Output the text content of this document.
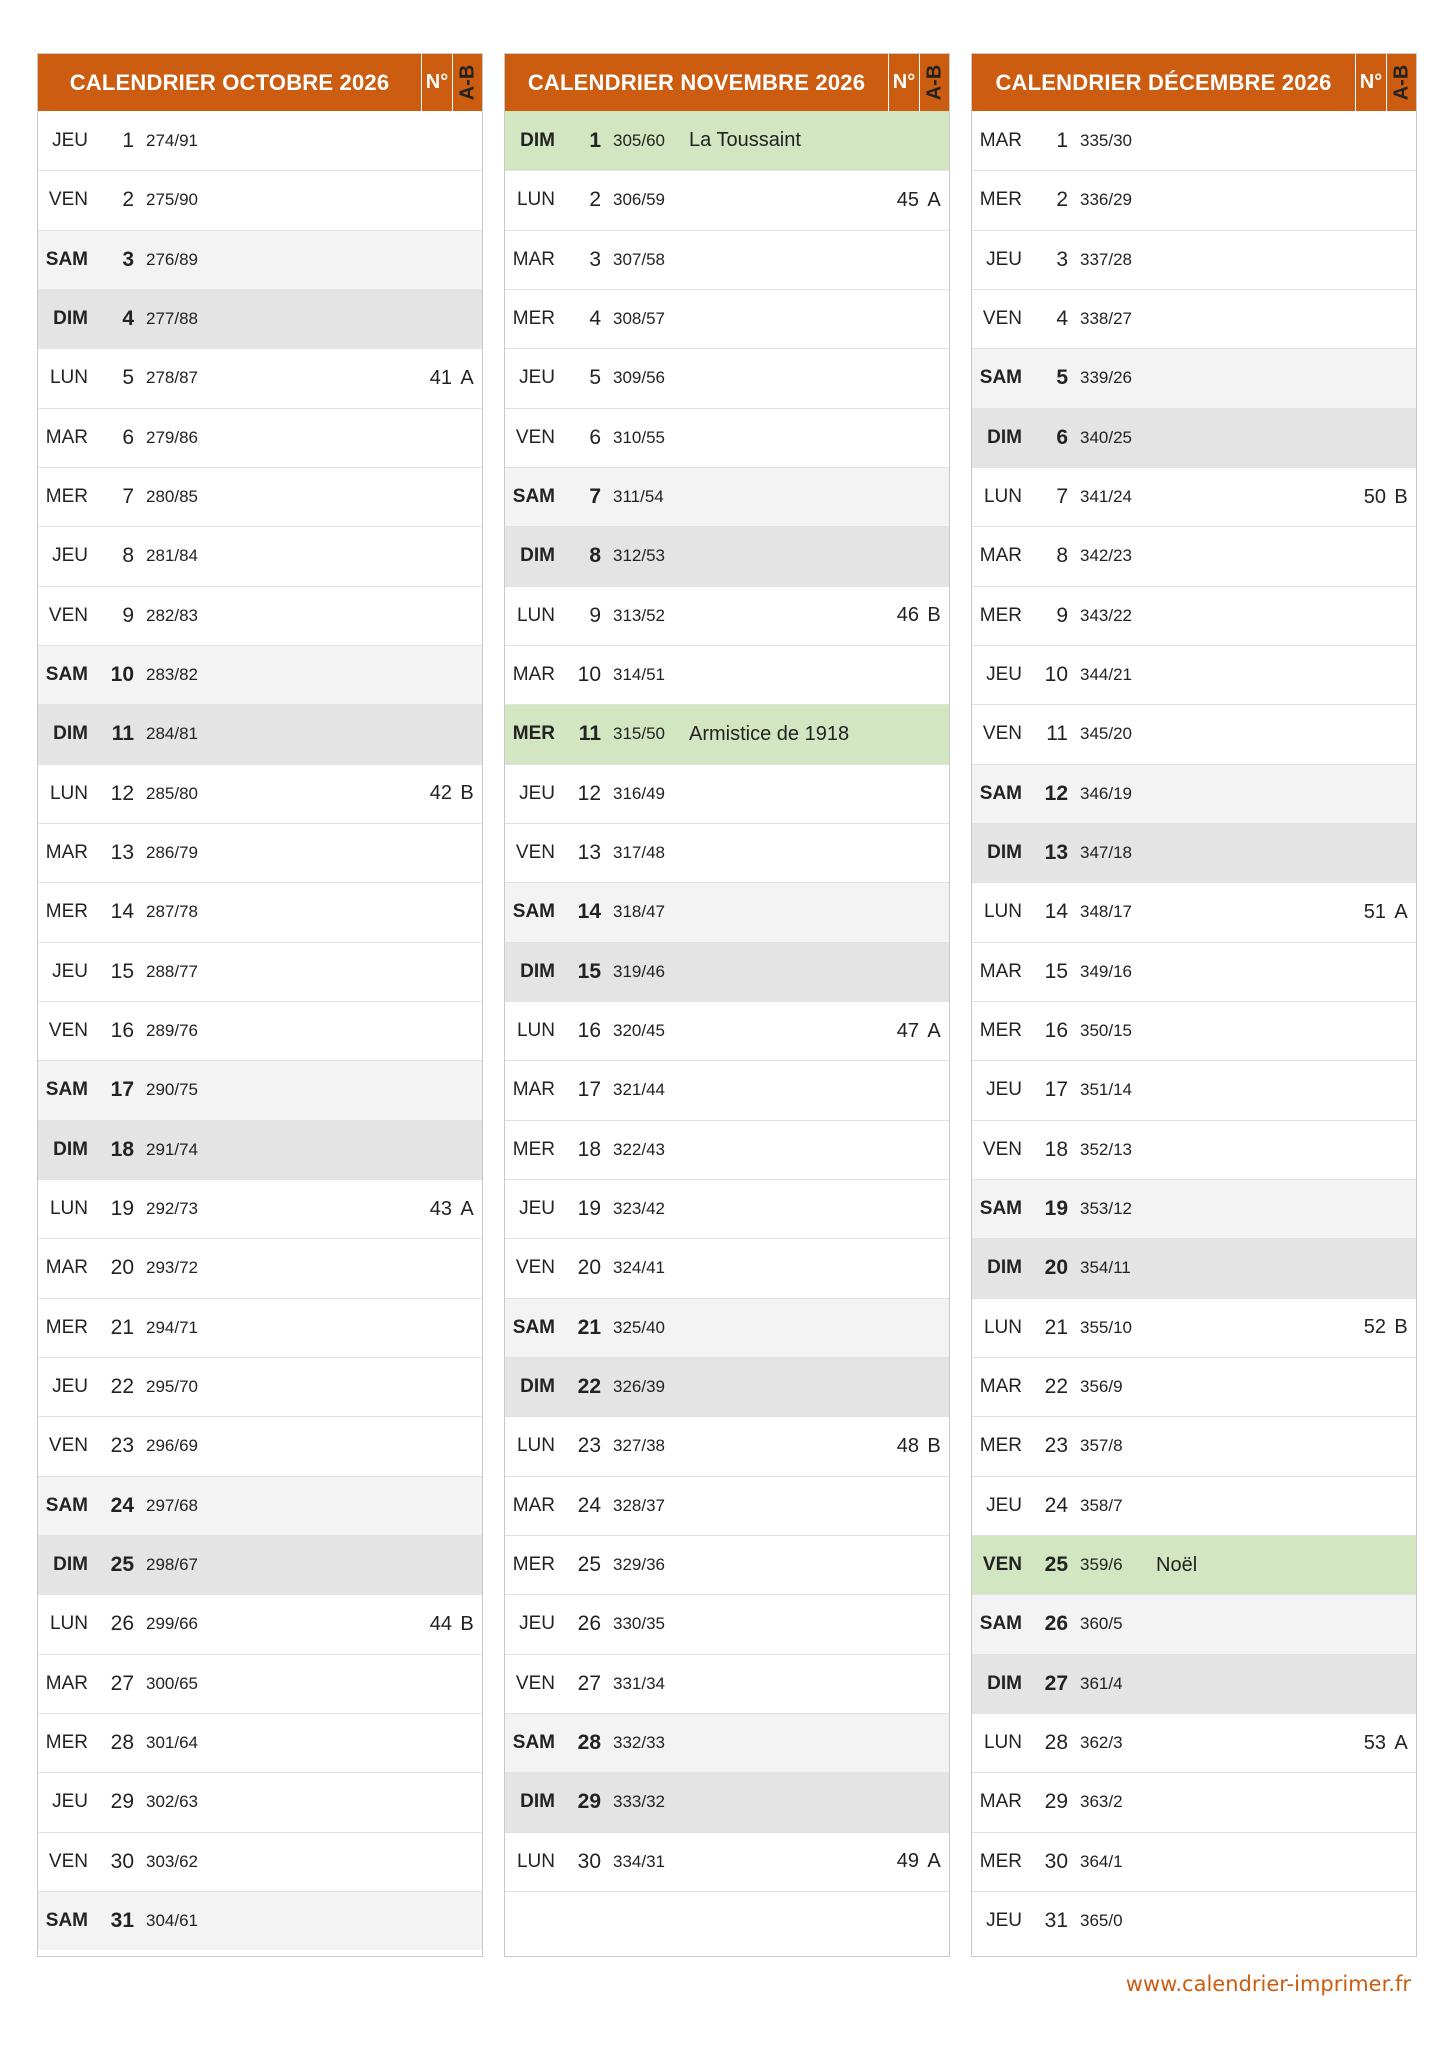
CALENDRIER OCTOBRE 2026	N° A-B
JEU	1 274/91
VEN	2 275/90
SAM	3 276/89
DIM	4 277/88
LUN	5 278/87	41 A
MAR	6 279/86
MER	7 280/85
JEU	8 281/84
VEN	9 282/83
SAM	10 283/82
DIM	11 284/81
LUN	12 285/80	42 B
MAR	13 286/79
MER	14 287/78
JEU	15 288/77
VEN	16 289/76
SAM	17 290/75
DIM	18 291/74
LUN	19 292/73	43 A
MAR	20 293/72
MER	21 294/71
JEU	22 295/70
VEN	23 296/69
SAM	24 297/68
DIM	25 298/67
LUN	26 299/66	44 B
MAR	27 300/65
MER	28 301/64
JEU	29 302/63
VEN	30 303/62
SAM	31 304/61
CALENDRIER NOVEMBRE 2026	N° A-B
DIM	1 305/60	La Toussaint
LUN	2 306/59	45 A
MAR	3 307/58
MER	4 308/57
JEU	5 309/56
VEN	6 310/55
SAM	7 311/54
DIM	8 312/53
LUN	9 313/52	46 B
MAR	10 314/51
MER	11 315/50	Armistice de 1918
JEU	12 316/49
VEN	13 317/48
SAM	14 318/47
DIM	15 319/46
LUN	16 320/45	47 A
MAR	17 321/44
MER	18 322/43
JEU	19 323/42
VEN	20 324/41
SAM	21 325/40
DIM	22 326/39
LUN	23 327/38	48 B
MAR	24 328/37
MER	25 329/36
JEU	26 330/35
VEN	27 331/34
SAM	28 332/33
DIM	29 333/32
LUN	30 334/31	49 A
CALENDRIER DÉCEMBRE 2026	N° A-B
MAR	1 335/30
MER	2 336/29
JEU	3 337/28
VEN	4 338/27
SAM	5 339/26
DIM	6 340/25
LUN	7 341/24	50 B
MAR	8 342/23
MER	9 343/22
JEU	10 344/21
VEN	11 345/20
SAM	12 346/19
DIM	13 347/18
LUN	14 348/17	51 A
MAR	15 349/16
MER	16 350/15
JEU	17 351/14
VEN	18 352/13
SAM	19 353/12
DIM	20 354/11
LUN	21 355/10	52 B
MAR	22 356/9
MER	23 357/8
JEU	24 358/7
VEN	25 359/6	Noël
SAM	26 360/5
DIM	27 361/4
LUN	28 362/3	53 A
MAR	29 363/2
MER	30 364/1
JEU	31 365/0
www.calendrier-imprimer.fr
